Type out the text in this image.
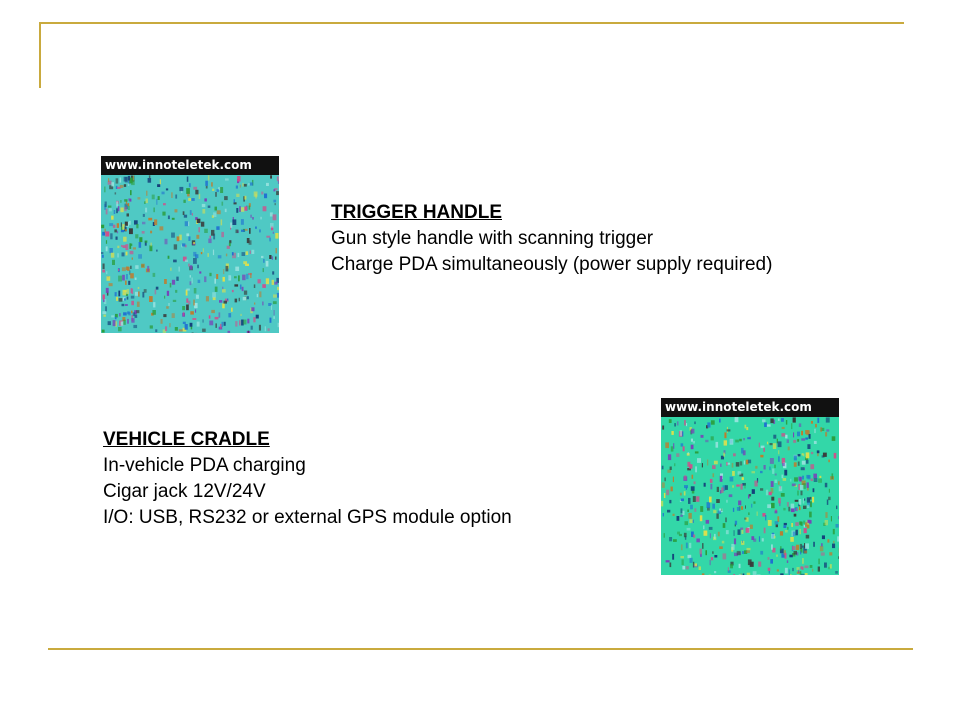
www.innoteletek.com
TRIGGER HANDLE
Gun style handle with scanning trigger
Charge PDA simultaneously (power supply required)
VEHICLE CRADLE
In-vehicle PDA charging
Cigar jack 12V/24V
I/O: USB, RS232 or external GPS module option
www.innoteletek.com
